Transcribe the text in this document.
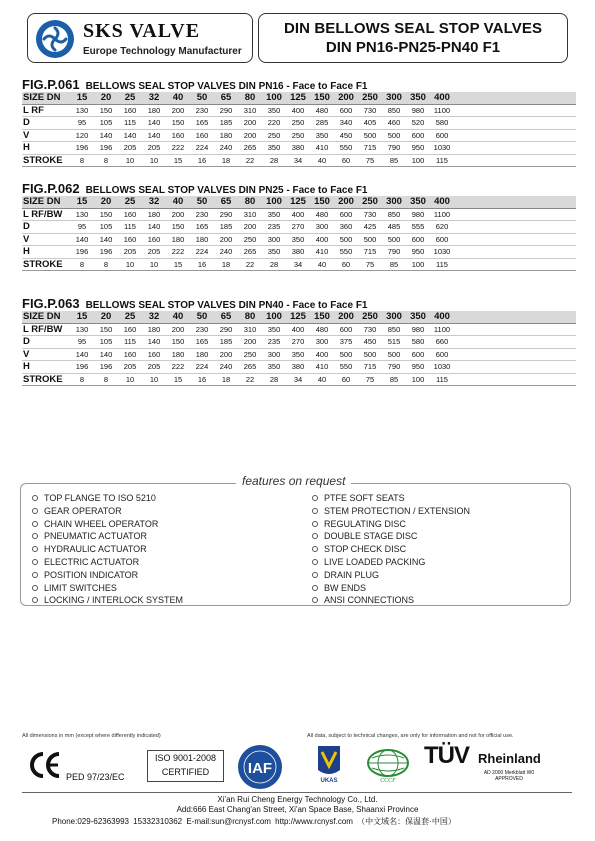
SKS VALVE
Europe Technology Manufacturer
DIN BELLOWS SEAL STOP VALVES
DIN PN16-PN25-PN40 F1
FIG.P.061 BELLOWS SEAL STOP VALVES DIN PN16 - Face to Face F1
SIZE DN	15	20	25	32	40	50	65	80	100	125	150	200	250	300	350	400	
L RF	130	150	160	180	200	230	290	310	350	400	480	600	730	850	980	1100	
D	95	105	115	140	150	165	185	200	220	250	285	340	405	460	520	580	
V	120	140	140	140	160	160	180	200	250	250	350	450	500	500	600	600	
H	196	196	205	205	222	224	240	265	350	380	410	550	715	790	950	1030	
STROKE	8	8	10	10	15	16	18	22	28	34	40	60	75	85	100	115	
FIG.P.062 BELLOWS SEAL STOP VALVES DIN PN25 - Face to Face F1
SIZE DN	15	20	25	32	40	50	65	80	100	125	150	200	250	300	350	400	
L RF/BW	130	150	160	180	200	230	290	310	350	400	480	600	730	850	980	1100	
D	95	105	115	140	150	165	185	200	235	270	300	360	425	485	555	620	
V	140	140	160	160	180	180	200	250	300	350	400	500	500	500	600	600	
H	196	196	205	205	222	224	240	265	350	380	410	550	715	790	950	1030	
STROKE	8	8	10	10	15	16	18	22	28	34	40	60	75	85	100	115	
FIG.P.063 BELLOWS SEAL STOP VALVES DIN PN40 - Face to Face F1
SIZE DN	15	20	25	32	40	50	65	80	100	125	150	200	250	300	350	400	
L RF/BW	130	150	160	180	200	230	290	310	350	400	480	600	730	850	980	1100	
D	95	105	115	140	150	165	185	200	235	270	300	375	450	515	580	660	
V	140	140	160	160	180	180	200	250	300	350	400	500	500	500	600	600	
H	196	196	205	205	222	224	240	265	350	380	410	550	715	790	950	1030	
STROKE	8	8	10	10	15	16	18	22	28	34	40	60	75	85	100	115	
features on request
TOP FLANGE TO ISO 5210
GEAR OPERATOR
CHAIN WHEEL OPERATOR
PNEUMATIC ACTUATOR
HYDRAULIC ACTUATOR
ELECTRIC ACTUATOR
POSITION INDICATOR
LIMIT SWITCHES
LOCKING / INTERLOCK SYSTEM
PTFE SOFT SEATS
STEM PROTECTION / EXTENSION
REGULATING DISC
DOUBLE STAGE DISC
STOP CHECK DISC
LIVE LOADED PACKING
DRAIN PLUG
BW ENDS
ANSI CONNECTIONS
All dimensions in mm (except where differently indicated)	All data, subject to technical changes, are only for information and not for official use.
PED 97/23/EC
ISO 9001-2008
CERTIFIED	IAF
UKAS	CCCF
TÜV Rheinland
AD 2000 Merkblatt W0
APPROVED
Xi'an Rui Cheng Energy Technology Co., Ltd.
Add:666 East Chang'an Street, Xi'an Space Base, Shaanxi Province
Phone:029-62363993 15332310362 E-mail:sun@rcnysf.com http://www.rcnysf.com （中文域名：保温套·中国）
